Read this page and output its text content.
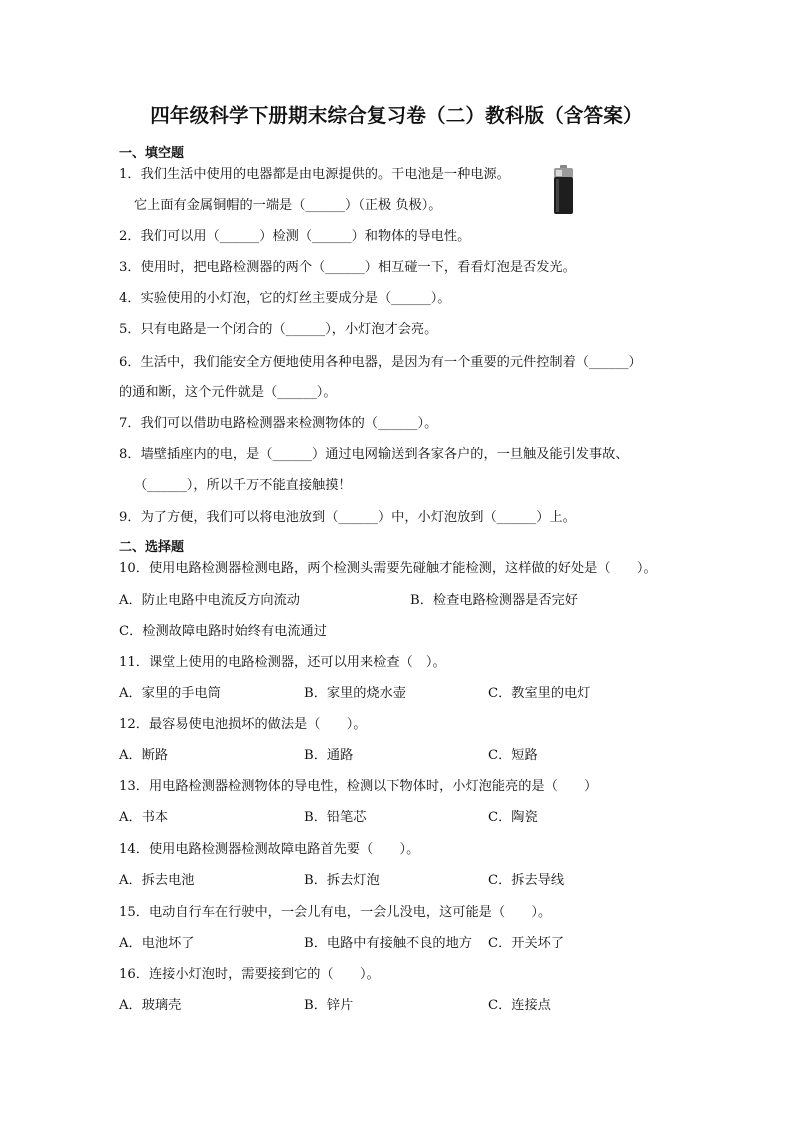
四年级科学下册期末综合复习卷（二）教科版（含答案）
一、填空题
1．我们生活中使用的电器都是由电源提供的。干电池是一种电源。
它上面有金属铜帽的一端是（______）（正极 负极）。
2．我们可以用（______）检测（______）和物体的导电性。
3．使用时，把电路检测器的两个（______）相互碰一下，看看灯泡是否发光。
4．实验使用的小灯泡，它的灯丝主要成分是（______）。
5．只有电路是一个闭合的（______），小灯泡才会亮。
6．生活中，我们能安全方便地使用各种电器，是因为有一个重要的元件控制着（______）
的通和断，这个元件就是（______）。
7．我们可以借助电路检测器来检测物体的（______）。
8．墙壁插座内的电，是（______）通过电网输送到各家各户的，一旦触及能引发事故、
（______），所以千万不能直接触摸！
9．为了方便，我们可以将电池放到（______）中，小灯泡放到（______）上。
二、选择题
10．使用电路检测器检测电路，两个检测头需要先碰触才能检测，这样做的好处是（　　）。
A．防止电路中电流反方向流动	B．检查电路检测器是否完好
C．检测故障电路时始终有电流通过
11．课堂上使用的电路检测器，还可以用来检查（　）。
A．家里的手电筒	B．家里的烧水壶	C．教室里的电灯
12．最容易使电池损坏的做法是（　　）。
A．断路	B．通路	C．短路
13．用电路检测器检测物体的导电性，检测以下物体时，小灯泡能亮的是（　　）
A．书本	B．铅笔芯	C．陶瓷
14．使用电路检测器检测故障电路首先要（　　）。
A．拆去电池	B．拆去灯泡	C．拆去导线
15．电动自行车在行驶中，一会儿有电，一会儿没电，这可能是（　　）。
A．电池坏了	B．电路中有接触不良的地方 C．开关坏了
16．连接小灯泡时，需要接到它的（　　）。
A．玻璃壳	B．锌片	C．连接点
